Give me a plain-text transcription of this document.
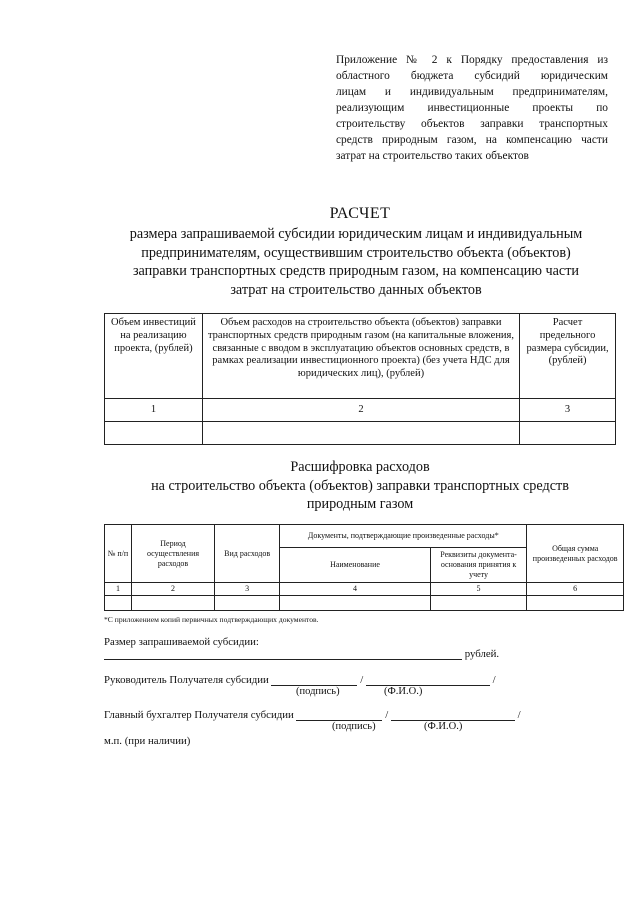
Приложение № 2 к Порядку предоставления из
областного бюджета субсидий юридическим
лицам и индивидуальным предпринимателям,
реализующим инвестиционные проекты по
строительству объектов заправки транспортных
средств природным газом, на компенсацию части
затрат на строительство таких объектов
РАСЧЕТ
размера запрашиваемой субсидии юридическим лицам и индивидуальным
предпринимателям, осуществившим строительство объекта (объектов)
заправки транспортных средств природным газом, на компенсацию части
затрат на строительство данных объектов
Объем инвестиций на реализацию проекта, (рублей)	Объем расходов на строительство объекта (объектов) заправки транспортных средств природным газом (на капитальные вложения, связанные с вводом в эксплуатацию объектов основных средств, в рамках реализации инвестиционного проекта) (без учета НДС для юридических лиц), (рублей)	Расчет предельного размера субсидии, (рублей)
1	2	3

Расшифровка расходов
на строительство объекта (объектов) заправки транспортных средств
природным газом
№ п/п	Период осуществления расходов	Вид расходов	Документы, подтверждающие произведенные расходы*		Общая сумма произведенных расходов
			Наименование	Реквизиты документа-основания принятия к учету	
1	2	3	4	5	6

*С приложением копий первичных подтверждающих документов.
Размер запрашиваемой субсидии:
рублей.
Руководитель Получателя субсидии	/	/
(подпись)	(Ф.И.О.)
Главный бухгалтер Получателя субсидии	/	/
(подпись)	(Ф.И.О.)
м.п. (при наличии)
